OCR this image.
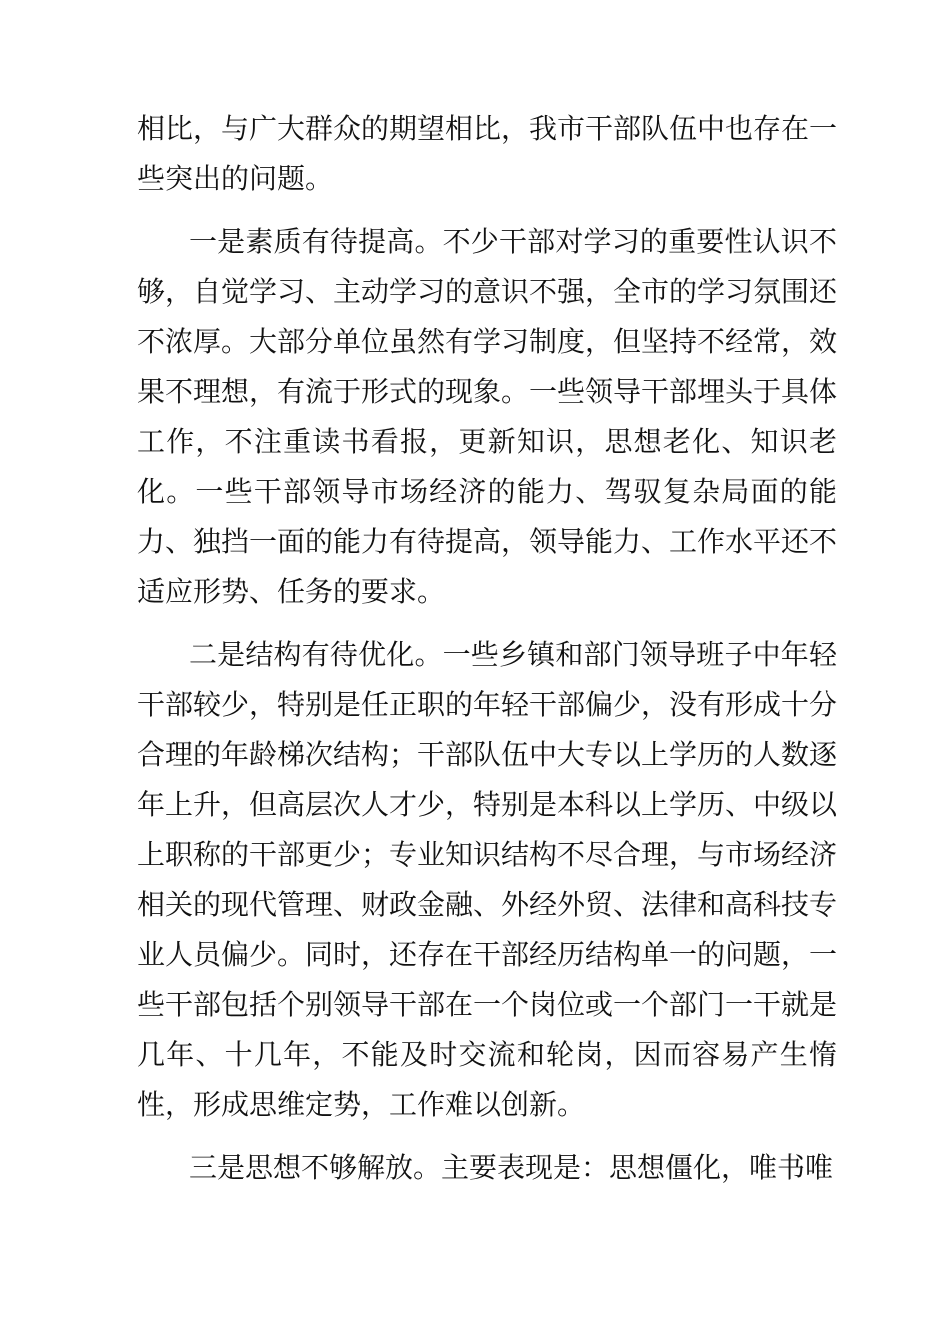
相比，与广大群众的期望相比，我市干部队伍中也存在一些突出的问题。

一是素质有待提高。不少干部对学习的重要性认识不够，自觉学习、主动学习的意识不强，全市的学习氛围还不浓厚。大部分单位虽然有学习制度，但坚持不经常，效果不理想，有流于形式的现象。一些领导干部埋头于具体工作，不注重读书看报，更新知识，思想老化、知识老化。一些干部领导市场经济的能力、驾驭复杂局面的能力、独挡一面的能力有待提高，领导能力、工作水平还不适应形势、任务的要求。

二是结构有待优化。一些乡镇和部门领导班子中年轻干部较少，特别是任正职的年轻干部偏少，没有形成十分合理的年龄梯次结构；干部队伍中大专以上学历的人数逐年上升，但高层次人才少，特别是本科以上学历、中级以上职称的干部更少；专业知识结构不尽合理，与市场经济相关的现代管理、财政金融、外经外贸、法律和高科技专业人员偏少。同时，还存在干部经历结构单一的问题，一些干部包括个别领导干部在一个岗位或一个部门一干就是几年、十几年，不能及时交流和轮岗，因而容易产生惰性，形成思维定势，工作难以创新。

三是思想不够解放。主要表现是：思想僵化，唯书唯
